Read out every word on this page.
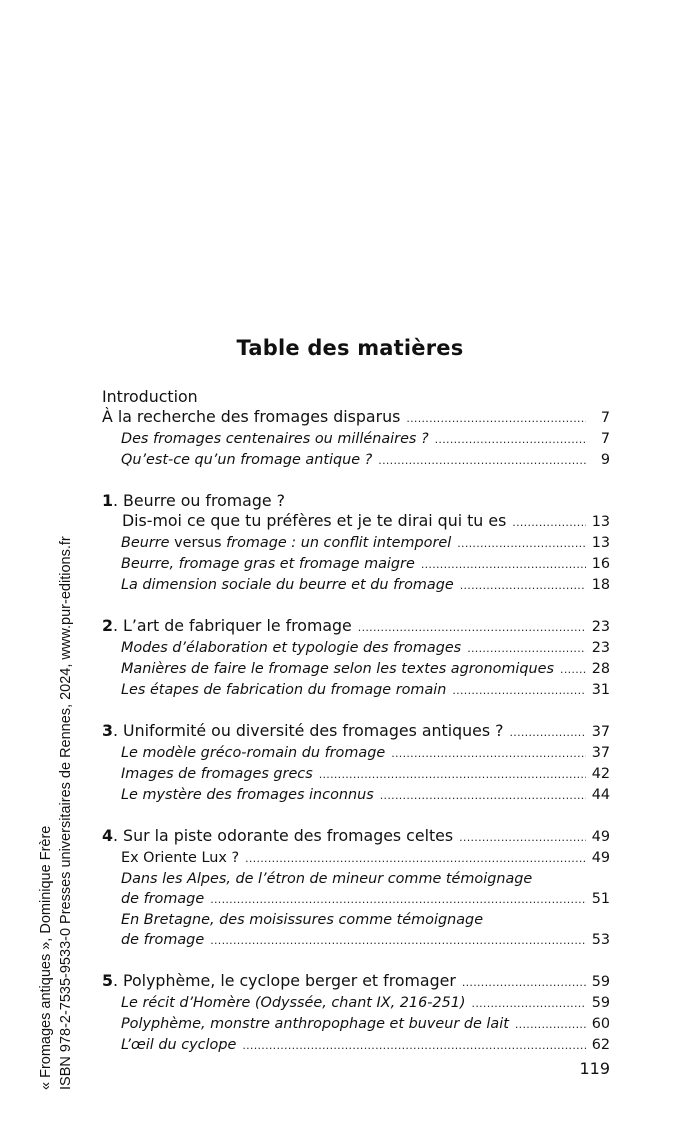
« Fromages antiques », Dominique Frère ISBN 978-2-7535-9533-0 Presses universitaires de Rennes, 2024, www.pur-editions.fr
Table des matières
Introduction
À la recherche des fromages disparus . . .	7
Des fromages centenaires ou millénaires ? . . .	7
Qu’est-ce qu’un fromage antique ? . . .	9
1. Beurre ou fromage ?
Dis-moi ce que tu préfères et je te dirai qui tu es . . .	13
Beurre versus fromage : un conflit intemporel . . .	13
Beurre, fromage gras et fromage maigre . . .	16
La dimension sociale du beurre et du fromage . . .	18
2. L’art de fabriquer le fromage . . .	23
Modes d’élaboration et typologie des fromages . . .	23
Manières de faire le fromage selon les textes agronomiques . . .	28
Les étapes de fabrication du fromage romain . . .	31
3. Uniformité ou diversité des fromages antiques ? . . .	37
Le modèle gréco-romain du fromage . . .	37
Images de fromages grecs . . .	42
Le mystère des fromages inconnus . . .	44
4. Sur la piste odorante des fromages celtes . . .	49
Ex Oriente Lux ? . . .	49
Dans les Alpes, de l’étron de mineur comme témoignage
de fromage . . .	51
En Bretagne, des moisissures comme témoignage
de fromage . . .	53
5. Polyphème, le cyclope berger et fromager . . .	59
Le récit d’Homère (Odyssée, chant IX, 216-251) . . .	59
Polyphème, monstre anthropophage et buveur de lait . . .	60
L’œil du cyclope . . .	62
119
